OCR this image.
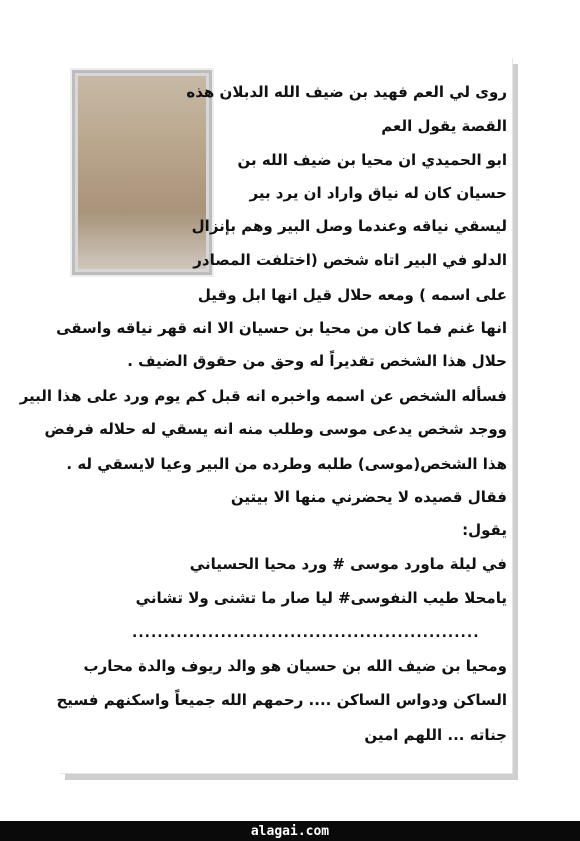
روى لي العم فهيد بن ضيف الله الدبلان هذه
القصة يقول العم
ابو الحميدي ان محيا بن ضيف الله بن
حسيان كان له نياق واراد ان يرد بير
ليسقي نياقه وعندما وصل البير وهم بإنزال
الدلو في البير اتاه شخص (اختلفت المصادر
على اسمه ) ومعه حلال قيل انها ابل وقيل
انها غنم فما كان من محيا بن حسيان الا انه قهر نياقه واسقى
حلال هذا الشخص تقديراً له وحق من حقوق الضيف .
فسأله الشخص عن اسمه واخبره انه قبل كم يوم ورد على هذا البير
ووجد شخص يدعى موسى وطلب منه انه يسقي له حلاله فرفض
هذا الشخص(موسى) طلبه وطرده من البير وعيا لايسقي له .
فقال قصيده لا يحضرني منها الا بيتين
يقول:
في ليلة ماورد موسى # ورد محيا الحسياني
يامحلا طيب النفوسى# ليا صار ما تشنى ولا تشاني
.......................................................
ومحيا بن ضيف الله بن حسيان هو والد ريوف والدة محارب
الساكن ودواس الساكن .... رحمهم الله جميعاً واسكنهم فسيح
جناته ... اللهم امين
alagai.com
